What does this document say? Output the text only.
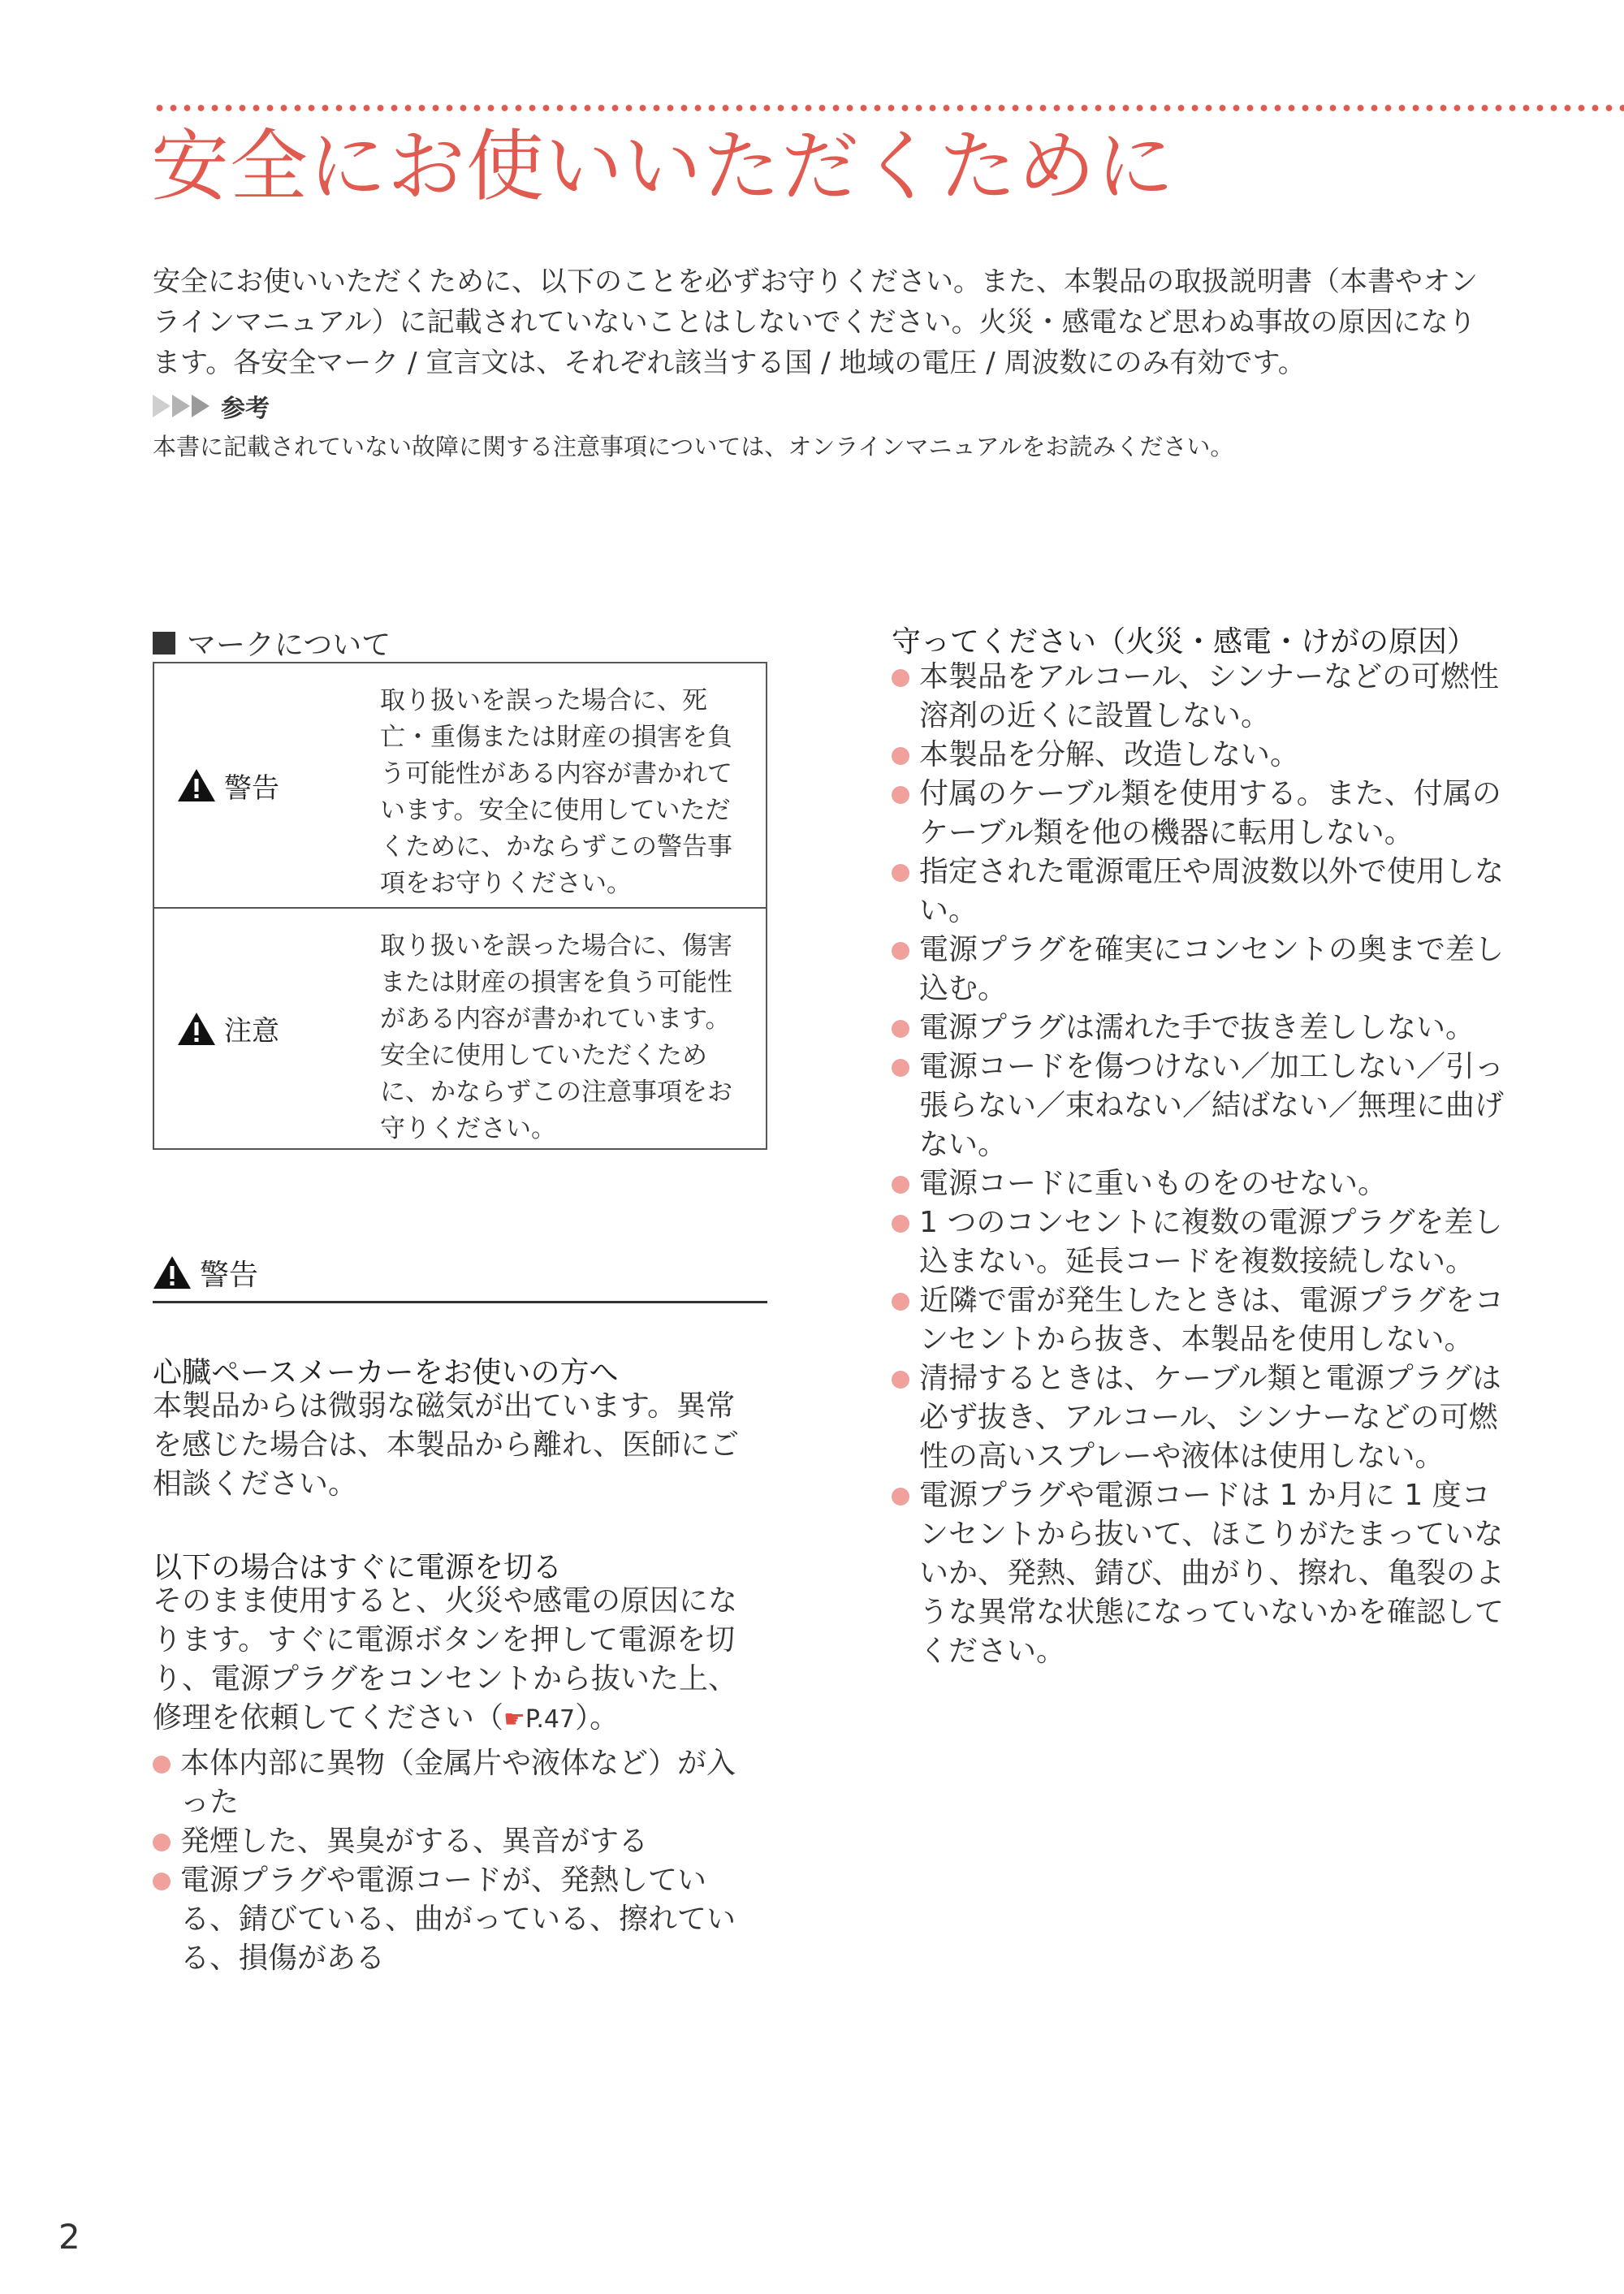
安全にお使いいただくために

安全にお使いいただくために、以下のことを必ずお守りください。また、本製品の取扱説明書（本書やオンラインマニュアル）に記載されていないことはしないでください。火災・感電など思わぬ事故の原因になります。各安全マーク / 宣言文は、それぞれ該当する国 / 地域の電圧 / 周波数にのみ有効です。

参考

本書に記載されていない故障に関する注意事項については、オンラインマニュアルをお読みください。

マークについて
警告
取り扱いを誤った場合に、死亡・重傷または財産の損害を負う可能性がある内容が書かれています。安全に使用していただくために、かならずこの警告事項をお守りください。
注意
取り扱いを誤った場合に、傷害または財産の損害を負う可能性がある内容が書かれています。安全に使用していただくために、かならずこの注意事項をお守りください。
警告
心臓ペースメーカーをお使いの方へ

本製品からは微弱な磁気が出ています。異常を感じた場合は、本製品から離れ、医師にご相談ください。

以下の場合はすぐに電源を切る

そのまま使用すると、火災や感電の原因になります。すぐに電源ボタンを押して電源を切り、電源プラグをコンセントから抜いた上、修理を依頼してください（☛P.47）。

本体内部に異物（金属片や液体など）が入った
発煙した、異臭がする、異音がする
電源プラグや電源コードが、発熱している、錆びている、曲がっている、擦れている、損傷がある
守ってください（火災・感電・けがの原因）
本製品をアルコール、シンナーなどの可燃性溶剤の近くに設置しない。
本製品を分解、改造しない。
付属のケーブル類を使用する。また、付属のケーブル類を他の機器に転用しない。
指定された電源電圧や周波数以外で使用しない。
電源プラグを確実にコンセントの奥まで差し込む。
電源プラグは濡れた手で抜き差ししない。
電源コードを傷つけない／加工しない／引っ張らない／束ねない／結ばない／無理に曲げない。
電源コードに重いものをのせない。
1 つのコンセントに複数の電源プラグを差し込まない。延長コードを複数接続しない。
近隣で雷が発生したときは、電源プラグをコンセントから抜き、本製品を使用しない。
清掃するときは、ケーブル類と電源プラグは必ず抜き、アルコール、シンナーなどの可燃性の高いスプレーや液体は使用しない。
電源プラグや電源コードは 1 か月に 1 度コンセントから抜いて、ほこりがたまっていないか、発熱、錆び、曲がり、擦れ、亀裂のような異常な状態になっていないかを確認してください。
2
